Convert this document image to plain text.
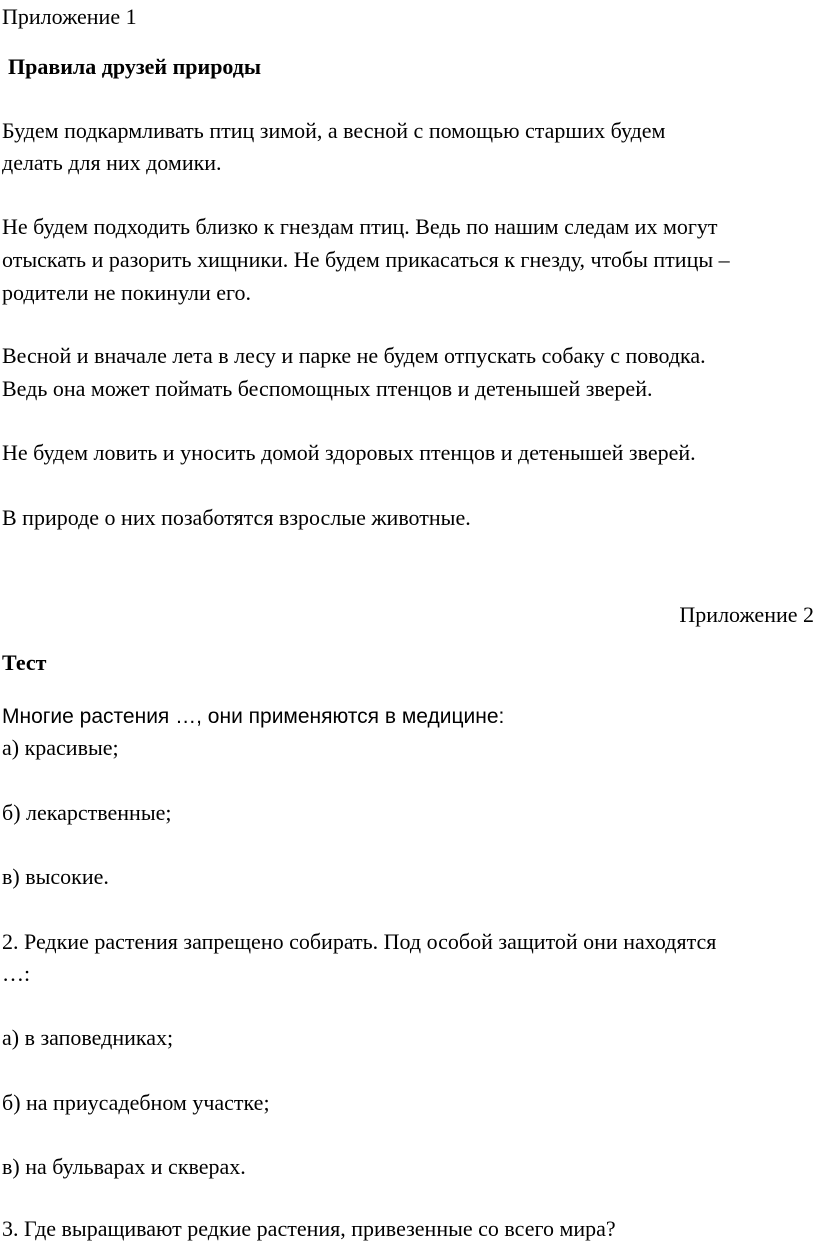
Приложение 1
Правила друзей природы
Будем подкармливать птиц зимой, а весной с помощью старших будем
делать для них домики.
Не будем подходить близко к гнездам птиц. Ведь по нашим следам их могут
отыскать и разорить хищники. Не будем прикасаться к гнезду, чтобы птицы –
родители не покинули его.
Весной и вначале лета в лесу и парке не будем отпускать собаку с поводка.
Ведь она может поймать беспомощных птенцов и детенышей зверей.
Не будем ловить и уносить домой здоровых птенцов и детенышей зверей.
В природе о них позаботятся взрослые животные.
Приложение 2
Тест
Многие растения …, они применяются в медицине:
а) красивые;
б) лекарственные;
в) высокие.
2. Редкие растения запрещено собирать. Под особой защитой они находятся
…:
а) в заповедниках;
б) на приусадебном участке;
в) на бульварах и скверах.
3. Где выращивают редкие растения, привезенные со всего мира?
